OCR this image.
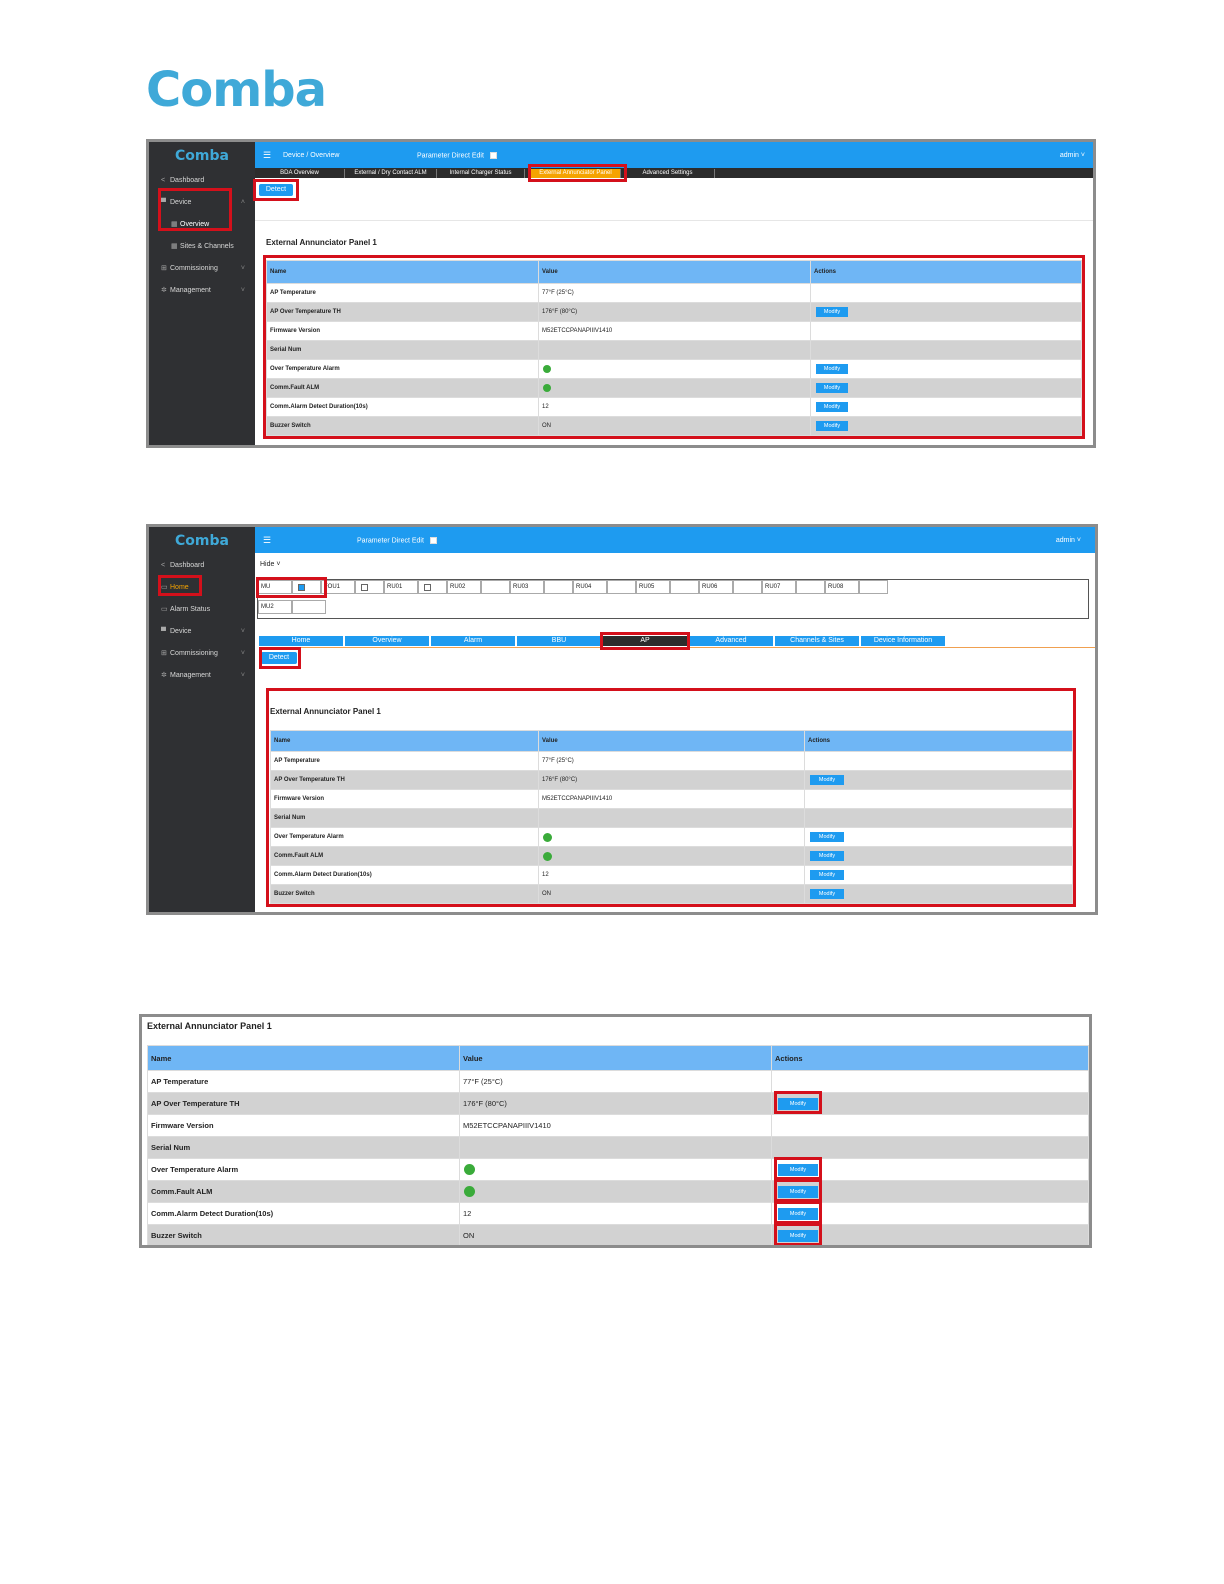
Comba
Comba
< Dashboard
▀ Device	˄
▦ Overview
▦ Sites & Channels
⊞ Commissioning	˅
✲ Management	˅
☰ Device / Overview	Parameter Direct Edit	admin ˅
BDA Overview	External / Dry Contact ALM	Internal Charger Status	External Annunciator Panel	Advanced Settings
Detect
External Annunciator Panel 1
Name	Value	Actions
AP Temperature	77°F (25°C)	
AP Over Temperature TH	176°F (80°C)	Modify
Firmware Version	M52ETCCPANAPIIIV1410	
Serial Num		
Over Temperature Alarm		Modify
Comm.Fault ALM		Modify
Comm.Alarm Detect Duration(10s)	12	Modify
Buzzer Switch	ON	Modify
Comba
< Dashboard
▭ Home
▭ Alarm Status
▀ Device	˅
⊞ Commissioning	˅
✲ Management	˅
☰	Parameter Direct Edit	admin ˅
Hide ˅
MU	FOU1	RU01	RU02	RU03	RU04	RU05	RU06	RU07	RU08
MU2
Home	Overview	Alarm	BBU	AP	Advanced	Channels & Sites	Device Information
Detect
External Annunciator Panel 1
Name	Value	Actions
AP Temperature	77°F (25°C)	
AP Over Temperature TH	176°F (80°C)	Modify
Firmware Version	M52ETCCPANAPIIIV1410	
Serial Num		
Over Temperature Alarm		Modify
Comm.Fault ALM		Modify
Comm.Alarm Detect Duration(10s)	12	Modify
Buzzer Switch	ON	Modify
External Annunciator Panel 1
Name	Value	Actions
AP Temperature	77°F (25°C)	
AP Over Temperature TH	176°F (80°C)	Modify
Firmware Version	M52ETCCPANAPIIIV1410	
Serial Num		
Over Temperature Alarm		Modify
Comm.Fault ALM		Modify
Comm.Alarm Detect Duration(10s)	12	Modify
Buzzer Switch	ON	Modify
